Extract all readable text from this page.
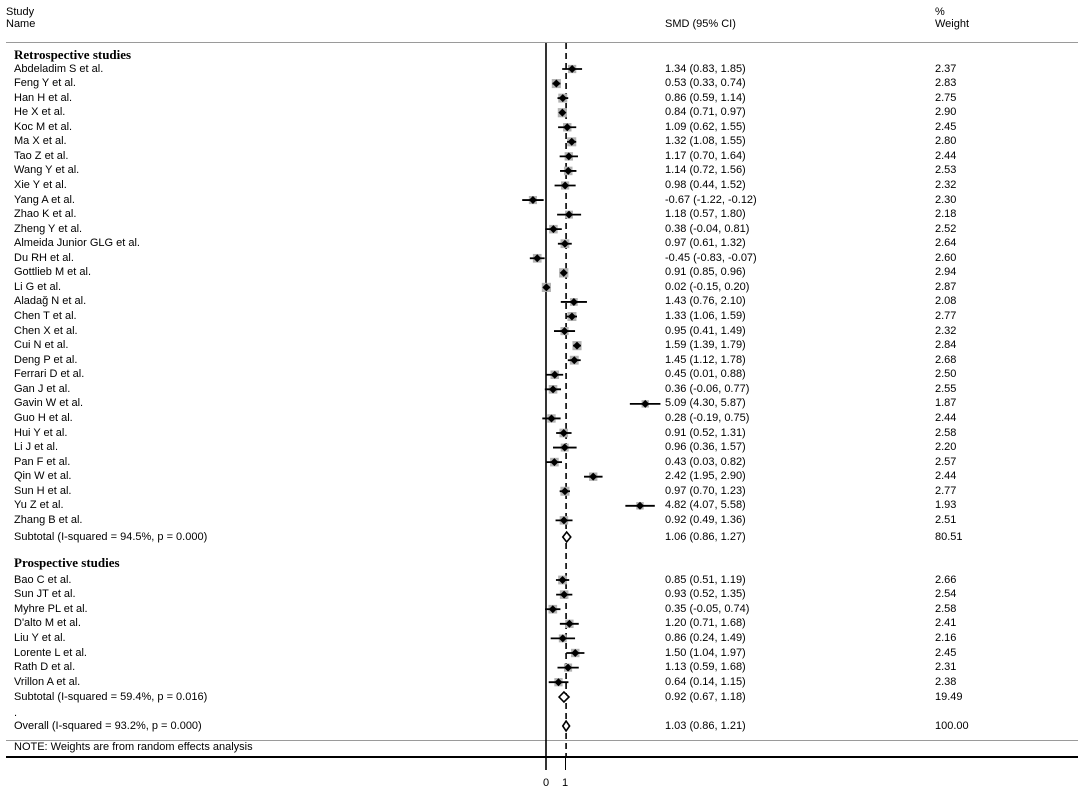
Study
Name	SMD (95% CI)
%
Weight
Retrospective studies
Prospective studies
.
NOTE: Weights are from random effects analysis
Abdeladim S et al.	1.34 (0.83, 1.85)	2.37
Feng Y et al.	0.53 (0.33, 0.74)	2.83
Han H et al.	0.86 (0.59, 1.14)	2.75
He X et al.	0.84 (0.71, 0.97)	2.90
Koc M et al.	1.09 (0.62, 1.55)	2.45
Ma X et al.	1.32 (1.08, 1.55)	2.80
Tao Z et al.	1.17 (0.70, 1.64)	2.44
Wang Y et al.	1.14 (0.72, 1.56)	2.53
Xie Y et al.	0.98 (0.44, 1.52)	2.32
Yang A et al.	-0.67 (-1.22, -0.12)	2.30
Zhao K et al.	1.18 (0.57, 1.80)	2.18
Zheng Y et al.	0.38 (-0.04, 0.81)	2.52
Almeida Junior GLG et al.	0.97 (0.61, 1.32)	2.64
Du RH et al.	-0.45 (-0.83, -0.07)	2.60
Gottlieb M et al.	0.91 (0.85, 0.96)	2.94
Li G et al.	0.02 (-0.15, 0.20)	2.87
Aladağ N et al.	1.43 (0.76, 2.10)	2.08
Chen T et al.	1.33 (1.06, 1.59)	2.77
Chen X et al.	0.95 (0.41, 1.49)	2.32
Cui N et al.	1.59 (1.39, 1.79)	2.84
Deng P et al.	1.45 (1.12, 1.78)	2.68
Ferrari D et al.	0.45 (0.01, 0.88)	2.50
Gan J et al.	0.36 (-0.06, 0.77)	2.55
Gavin W et al.	5.09 (4.30, 5.87)	1.87
Guo H et al.	0.28 (-0.19, 0.75)	2.44
Hui Y et al.	0.91 (0.52, 1.31)	2.58
Li J et al.	0.96 (0.36, 1.57)	2.20
Pan F et al.	0.43 (0.03, 0.82)	2.57
Qin W et al.	2.42 (1.95, 2.90)	2.44
Sun H et al.	0.97 (0.70, 1.23)	2.77
Yu Z et al.	4.82 (4.07, 5.58)	1.93
Zhang B et al.	0.92 (0.49, 1.36)	2.51
Subtotal (I-squared = 94.5%, p = 0.000)	1.06 (0.86, 1.27)	80.51
Bao C et al.	0.85 (0.51, 1.19)	2.66
Sun JT et al.	0.93 (0.52, 1.35)	2.54
Myhre PL et al.	0.35 (-0.05, 0.74)	2.58
D'alto M et al.	1.20 (0.71, 1.68)	2.41
Liu Y et al.	0.86 (0.24, 1.49)	2.16
Lorente L et al.	1.50 (1.04, 1.97)	2.45
Rath D et al.	1.13 (0.59, 1.68)	2.31
Vrillon A et al.	0.64 (0.14, 1.15)	2.38
Subtotal (I-squared = 59.4%, p = 0.016)	0.92 (0.67, 1.18)	19.49
Overall (I-squared = 93.2%, p = 0.000)	1.03 (0.86, 1.21)	100.00
0 1
